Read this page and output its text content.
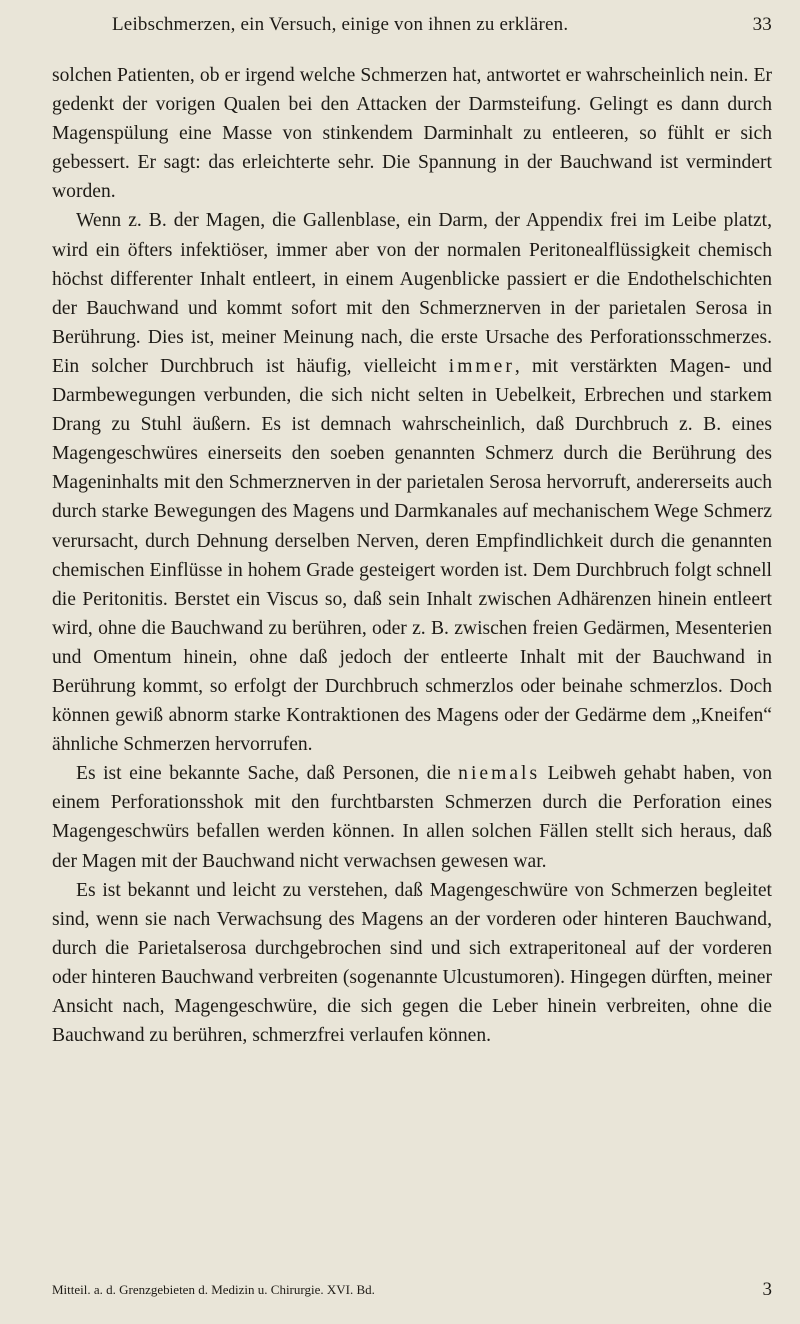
Leibschmerzen, ein Versuch, einige von ihnen zu erklären.	33

solchen Patienten, ob er irgend welche Schmerzen hat, antwortet er wahrscheinlich nein. Er gedenkt der vorigen Qualen bei den Attacken der Darmsteifung. Gelingt es dann durch Magenspülung eine Masse von stinkendem Darminhalt zu entleeren, so fühlt er sich gebessert. Er sagt: das erleichterte sehr. Die Spannung in der Bauchwand ist vermindert worden.

Wenn z. B. der Magen, die Gallenblase, ein Darm, der Appendix frei im Leibe platzt, wird ein öfters infektiöser, immer aber von der normalen Peritonealflüssigkeit chemisch höchst differenter Inhalt entleert, in einem Augenblicke passiert er die Endothelschichten der Bauchwand und kommt sofort mit den Schmerznerven in der parietalen Serosa in Berührung. Dies ist, meiner Meinung nach, die erste Ursache des Perforationsschmerzes. Ein solcher Durchbruch ist häufig, vielleicht immer, mit verstärkten Magen- und Darmbewegungen verbunden, die sich nicht selten in Uebelkeit, Erbrechen und starkem Drang zu Stuhl äußern. Es ist demnach wahrscheinlich, daß Durchbruch z. B. eines Magengeschwüres einerseits den soeben genannten Schmerz durch die Berührung des Mageninhalts mit den Schmerznerven in der parietalen Serosa hervorruft, andererseits auch durch starke Bewegungen des Magens und Darmkanales auf mechanischem Wege Schmerz verursacht, durch Dehnung derselben Nerven, deren Empfindlichkeit durch die genannten chemischen Einflüsse in hohem Grade gesteigert worden ist. Dem Durchbruch folgt schnell die Peritonitis. Berstet ein Viscus so, daß sein Inhalt zwischen Adhärenzen hinein entleert wird, ohne die Bauchwand zu berühren, oder z. B. zwischen freien Gedärmen, Mesenterien und Omentum hinein, ohne daß jedoch der entleerte Inhalt mit der Bauchwand in Berührung kommt, so erfolgt der Durchbruch schmerzlos oder beinahe schmerzlos. Doch können gewiß abnorm starke Kontraktionen des Magens oder der Gedärme dem „Kneifen“ ähnliche Schmerzen hervorrufen.

Es ist eine bekannte Sache, daß Personen, die niemals Leibweh gehabt haben, von einem Perforationsshok mit den furchtbarsten Schmerzen durch die Perforation eines Magengeschwürs befallen werden können. In allen solchen Fällen stellt sich heraus, daß der Magen mit der Bauchwand nicht verwachsen gewesen war.

Es ist bekannt und leicht zu verstehen, daß Magengeschwüre von Schmerzen begleitet sind, wenn sie nach Verwachsung des Magens an der vorderen oder hinteren Bauchwand, durch die Parietalserosa durchgebrochen sind und sich extraperitoneal auf der vorderen oder hinteren Bauchwand verbreiten (sogenannte Ulcustumoren). Hingegen dürften, meiner Ansicht nach, Magengeschwüre, die sich gegen die Leber hinein verbreiten, ohne die Bauchwand zu berühren, schmerzfrei verlaufen können.

Mitteil. a. d. Grenzgebieten d. Medizin u. Chirurgie. XVI. Bd.	3
